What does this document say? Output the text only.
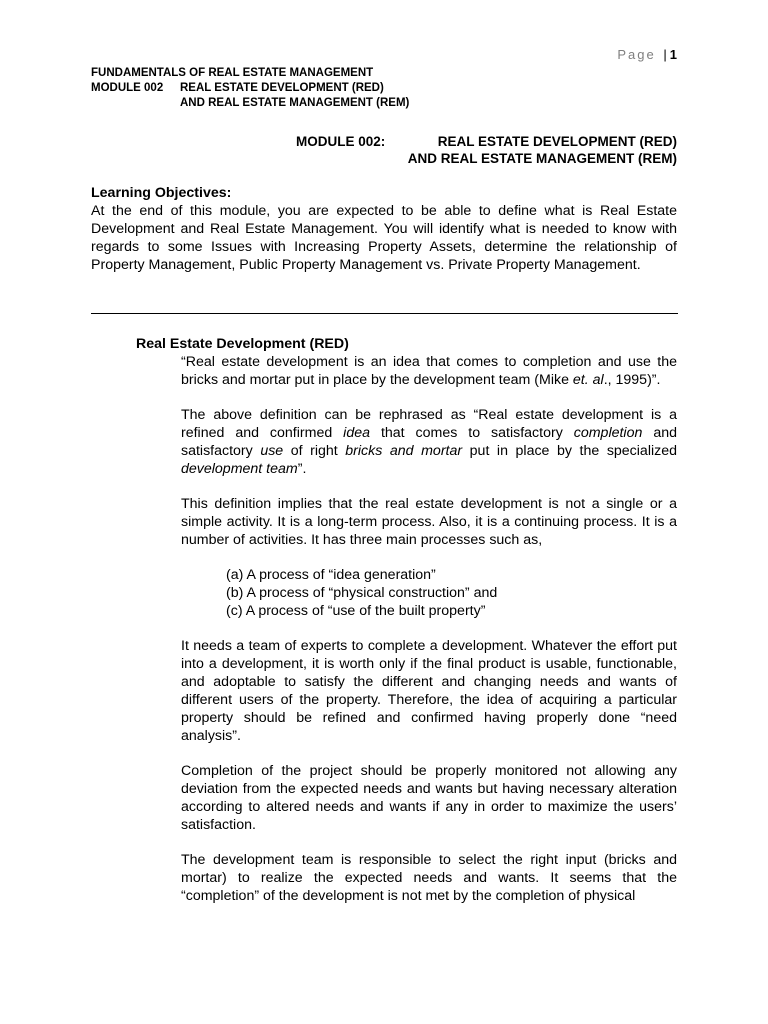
Page | 1
FUNDAMENTALS OF REAL ESTATE MANAGEMENT
MODULE 002 REAL ESTATE DEVELOPMENT (RED)
AND REAL ESTATE MANAGEMENT (REM)
MODULE 002:	REAL ESTATE DEVELOPMENT (RED)
AND REAL ESTATE MANAGEMENT (REM)
Learning Objectives:

At the end of this module, you are expected to be able to define what is Real Estate Development and Real Estate Management. You will identify what is needed to know with regards to some Issues with Increasing Property Assets, determine the relationship of Property Management, Public Property Management vs. Private Property Management.

Real Estate Development (RED)

“Real estate development is an idea that comes to completion and use the bricks and mortar put in place by the development team (Mike et. al., 1995)”.

The above definition can be rephrased as “Real estate development is a refined and confirmed idea that comes to satisfactory completion and satisfactory use of right bricks and mortar put in place by the specialized development team”.

This definition implies that the real estate development is not a single or a simple activity. It is a long-term process. Also, it is a continuing process. It is a number of activities. It has three main processes such as,

(a) A process of “idea generation”
(b) A process of “physical construction” and
(c) A process of “use of the built property”

It needs a team of experts to complete a development. Whatever the effort put into a development, it is worth only if the final product is usable, functionable, and adoptable to satisfy the different and changing needs and wants of different users of the property. Therefore, the idea of acquiring a particular property should be refined and confirmed having properly done “need analysis”.

Completion of the project should be properly monitored not allowing any deviation from the expected needs and wants but having necessary alteration according to altered needs and wants if any in order to maximize the users’ satisfaction.

The development team is responsible to select the right input (bricks and mortar) to realize the expected needs and wants. It seems that the “completion” of the development is not met by the completion of physical
